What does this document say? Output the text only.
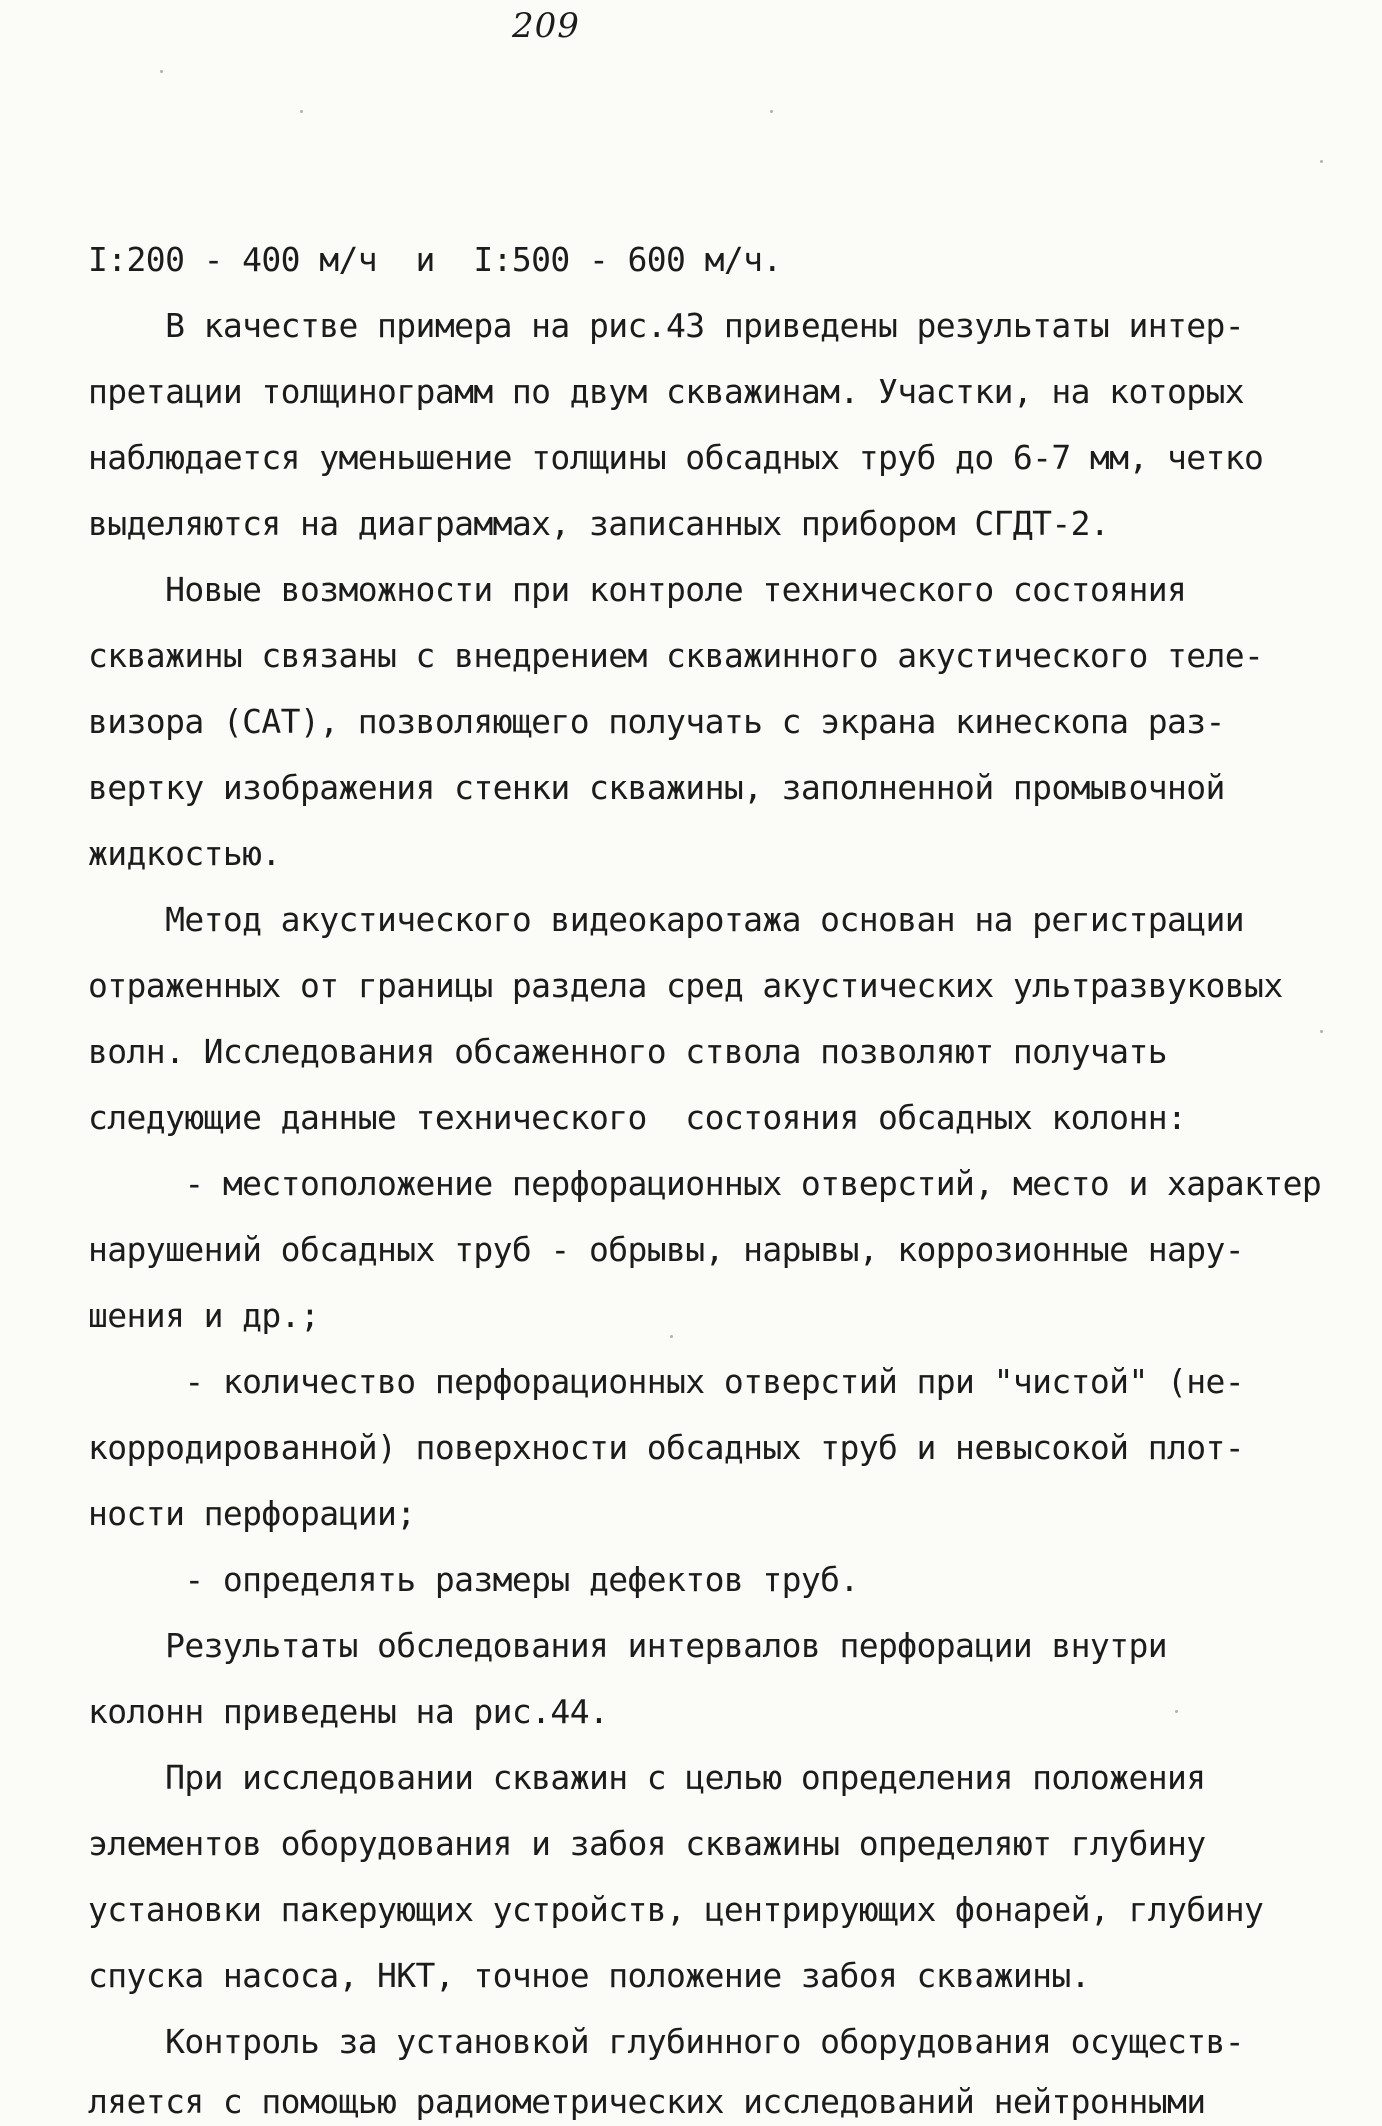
209
I:200 - 400 м/ч  и  I:500 - 600 м/ч.
В качестве примера на рис.43 приведены результаты интер-
претации толщинограмм по двум скважинам. Участки, на которых
наблюдается уменьшение толщины обсадных труб до 6-7 мм, четко
выделяются на диаграммах, записанных прибором СГДТ-2.
Новые возможности при контроле технического состояния
скважины связаны с внедрением скважинного акустического теле-
визора (САТ), позволяющего получать с экрана кинескопа раз-
вертку изображения стенки скважины, заполненной промывочной
жидкостью.
Метод акустического видеокаротажа основан на регистрации
отраженных от границы раздела сред акустических ультразвуковых
волн. Исследования обсаженного ствола позволяют получать
следующие данные технического  состояния обсадных колонн:
- местоположение перфорационных отверстий, место и характер
нарушений обсадных труб - обрывы, нарывы, коррозионные нару-
шения и др.;
- количество перфорационных отверстий при "чистой" (не-
корродированной) поверхности обсадных труб и невысокой плот-
ности перфорации;
- определять размеры дефектов труб.
Результаты обследования интервалов перфорации внутри
колонн приведены на рис.44.
При исследовании скважин с целью определения положения
элементов оборудования и забоя скважины определяют глубину
установки пакерующих устройств, центрирующих фонарей, глубину
спуска насоса, НКТ, точное положение забоя скважины.
Контроль за установкой глубинного оборудования осуществ-
ляется с помощью радиометрических исследований нейтронными
